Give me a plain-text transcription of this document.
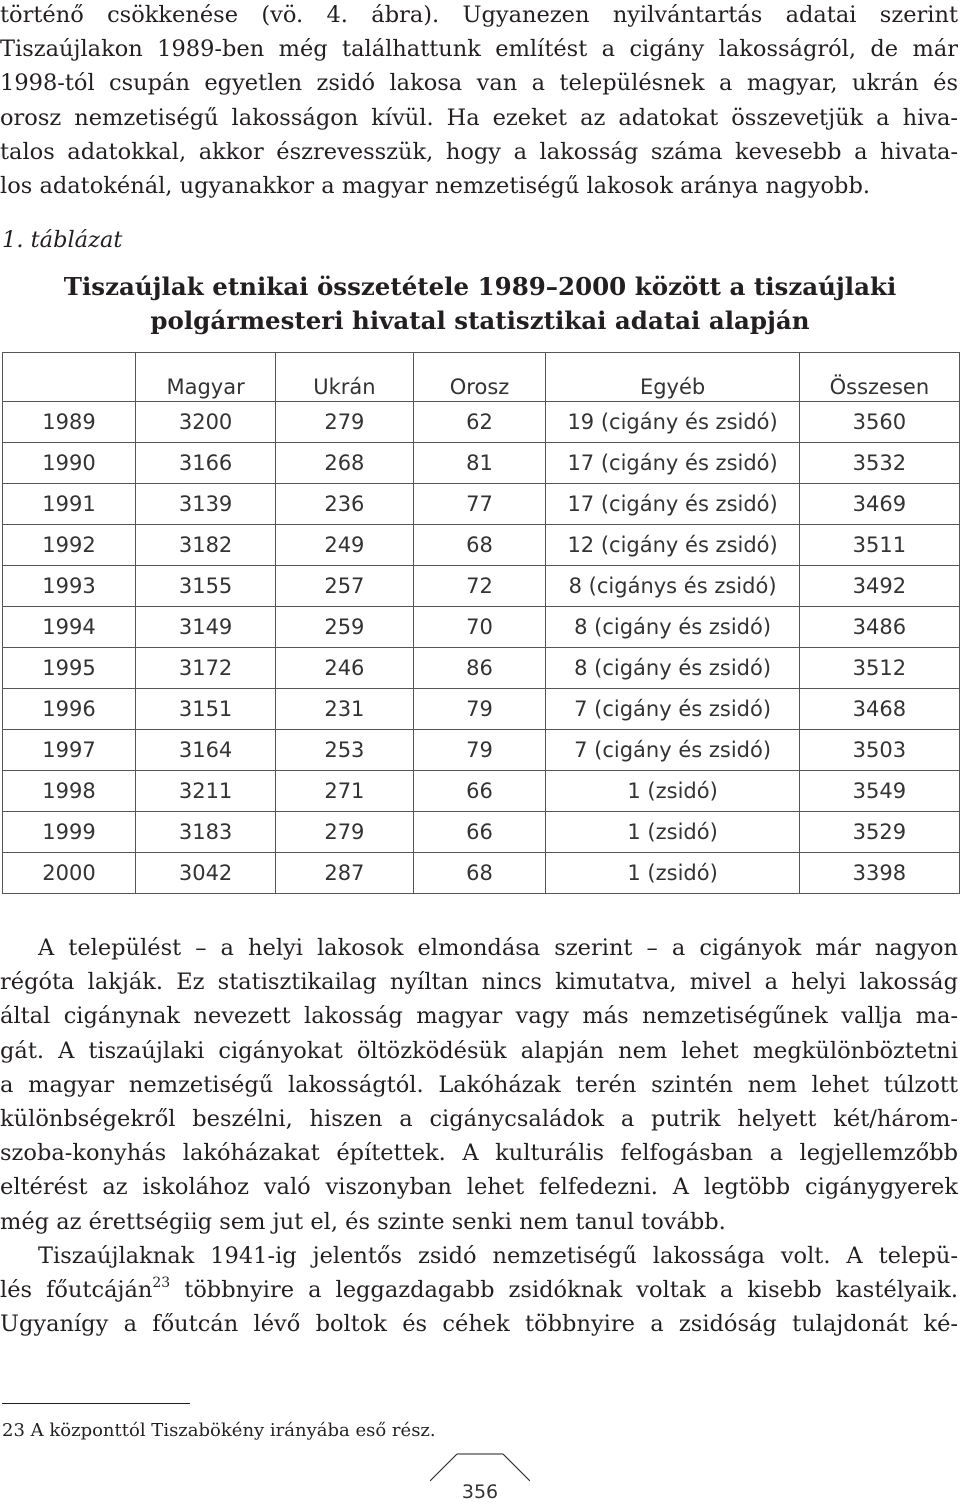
történő csökkenése (vö. 4. ábra). Ugyanezen nyilvántartás adatai szerint
Tiszaújlakon 1989-ben még találhattunk említést a cigány lakosságról, de már
1998-tól csupán egyetlen zsidó lakosa van a településnek a magyar, ukrán és
orosz nemzetiségű lakosságon kívül. Ha ezeket az adatokat összevetjük a hiva-
talos adatokkal, akkor észrevesszük, hogy a lakosság száma kevesebb a hivata-
los adatokénál, ugyanakkor a magyar nemzetiségű lakosok aránya nagyobb.
1. táblázat
Tiszaújlak etnikai összetétele 1989–2000 között a tiszaújlaki
polgármesteri hivatal statisztikai adatai alapján
	Magyar	Ukrán	Orosz	Egyéb	Összesen
1989	3200	279	62	19 (cigány és zsidó)	3560
1990	3166	268	81	17 (cigány és zsidó)	3532
1991	3139	236	77	17 (cigány és zsidó)	3469
1992	3182	249	68	12 (cigány és zsidó)	3511
1993	3155	257	72	8 (cigánys és zsidó)	3492
1994	3149	259	70	8 (cigány és zsidó)	3486
1995	3172	246	86	8 (cigány és zsidó)	3512
1996	3151	231	79	7 (cigány és zsidó)	3468
1997	3164	253	79	7 (cigány és zsidó)	3503
1998	3211	271	66	1 (zsidó)	3549
1999	3183	279	66	1 (zsidó)	3529
2000	3042	287	68	1 (zsidó)	3398
A települést – a helyi lakosok elmondása szerint – a cigányok már nagyon
régóta lakják. Ez statisztikailag nyíltan nincs kimutatva, mivel a helyi lakosság
által cigánynak nevezett lakosság magyar vagy más nemzetiségűnek vallja ma-
gát. A tiszaújlaki cigányokat öltözködésük alapján nem lehet megkülönböztetni
a magyar nemzetiségű lakosságtól. Lakóházak terén szintén nem lehet túlzott
különbségekről beszélni, hiszen a cigánycsaládok a putrik helyett két/három-
szoba-konyhás lakóházakat építettek. A kulturális felfogásban a legjellemzőbb
eltérést az iskolához való viszonyban lehet felfedezni. A legtöbb cigánygyerek
még az érettségiig sem jut el, és szinte senki nem tanul tovább.
Tiszaújlaknak 1941-ig jelentős zsidó nemzetiségű lakossága volt. A telepü-
lés főutcáján$^{23}$ többnyire a leggazdagabb zsidóknak voltak a kisebb kastélyaik.
Ugyanígy a főutcán lévő boltok és céhek többnyire a zsidóság tulajdonát ké-
23 A központtól Tiszabökény irányába eső rész.
356
